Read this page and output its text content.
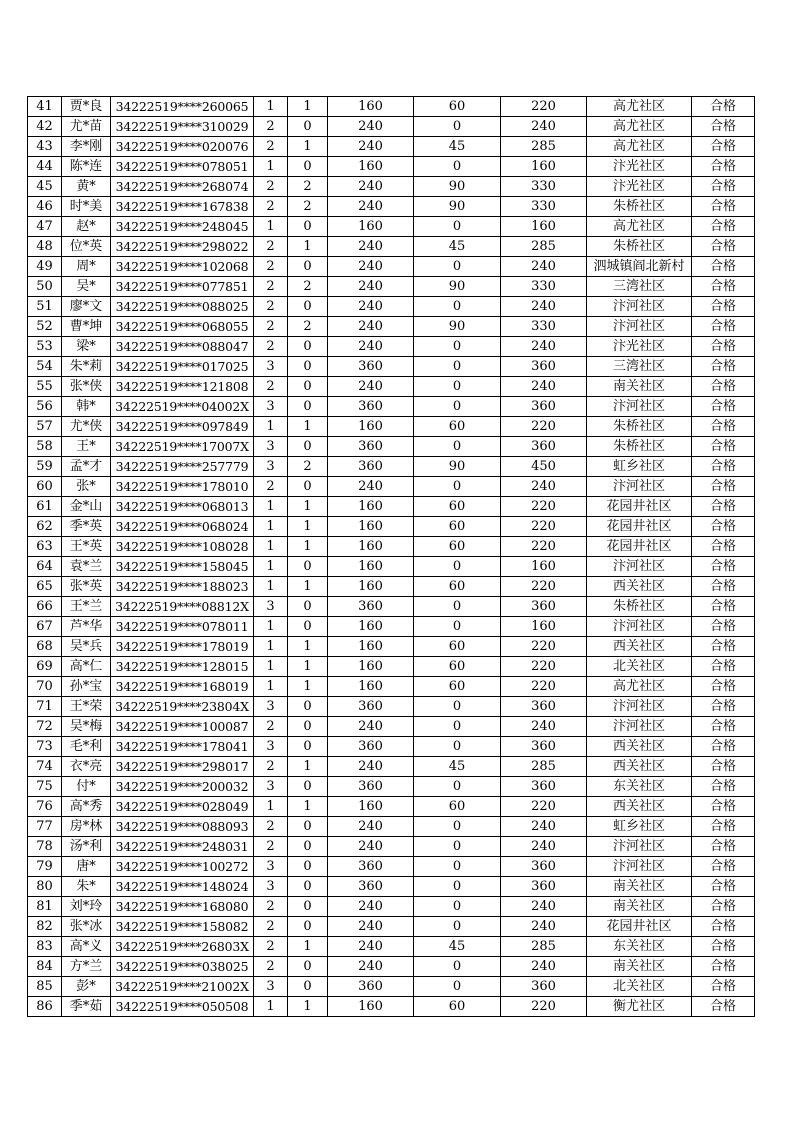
41	贾*良	34222519****260065	1	1	160	60	220	高尤社区	合格
42	尤*苗	34222519****310029	2	0	240	0	240	高尤社区	合格
43	李*刚	34222519****020076	2	1	240	45	285	高尤社区	合格
44	陈*连	34222519****078051	1	0	160	0	160	汴光社区	合格
45	黄*	34222519****268074	2	2	240	90	330	汴光社区	合格
46	时*美	34222519****167838	2	2	240	90	330	朱桥社区	合格
47	赵*	34222519****248045	1	0	160	0	160	高尤社区	合格
48	位*英	34222519****298022	2	1	240	45	285	朱桥社区	合格
49	周*	34222519****102068	2	0	240	0	240	泗城镇阎北新村	合格
50	吴*	34222519****077851	2	2	240	90	330	三湾社区	合格
51	廖*文	34222519****088025	2	0	240	0	240	汴河社区	合格
52	曹*坤	34222519****068055	2	2	240	90	330	汴河社区	合格
53	梁*	34222519****088047	2	0	240	0	240	汴光社区	合格
54	朱*莉	34222519****017025	3	0	360	0	360	三湾社区	合格
55	张*侠	34222519****121808	2	0	240	0	240	南关社区	合格
56	韩*	34222519****04002X	3	0	360	0	360	汴河社区	合格
57	尤*侠	34222519****097849	1	1	160	60	220	朱桥社区	合格
58	王*	34222519****17007X	3	0	360	0	360	朱桥社区	合格
59	孟*才	34222519****257779	3	2	360	90	450	虹乡社区	合格
60	张*	34222519****178010	2	0	240	0	240	汴河社区	合格
61	金*山	34222519****068013	1	1	160	60	220	花园井社区	合格
62	季*英	34222519****068024	1	1	160	60	220	花园井社区	合格
63	王*英	34222519****108028	1	1	160	60	220	花园井社区	合格
64	袁*兰	34222519****158045	1	0	160	0	160	汴河社区	合格
65	张*英	34222519****188023	1	1	160	60	220	西关社区	合格
66	王*兰	34222519****08812X	3	0	360	0	360	朱桥社区	合格
67	芦*华	34222519****078011	1	0	160	0	160	汴河社区	合格
68	吴*兵	34222519****178019	1	1	160	60	220	西关社区	合格
69	高*仁	34222519****128015	1	1	160	60	220	北关社区	合格
70	孙*宝	34222519****168019	1	1	160	60	220	高尤社区	合格
71	王*荣	34222519****23804X	3	0	360	0	360	汴河社区	合格
72	吴*梅	34222519****100087	2	0	240	0	240	汴河社区	合格
73	毛*利	34222519****178041	3	0	360	0	360	西关社区	合格
74	衣*亮	34222519****298017	2	1	240	45	285	西关社区	合格
75	付*	34222519****200032	3	0	360	0	360	东关社区	合格
76	高*秀	34222519****028049	1	1	160	60	220	西关社区	合格
77	房*林	34222519****088093	2	0	240	0	240	虹乡社区	合格
78	汤*利	34222519****248031	2	0	240	0	240	汴河社区	合格
79	唐*	34222519****100272	3	0	360	0	360	汴河社区	合格
80	朱*	34222519****148024	3	0	360	0	360	南关社区	合格
81	刘*玲	34222519****168080	2	0	240	0	240	南关社区	合格
82	张*冰	34222519****158082	2	0	240	0	240	花园井社区	合格
83	高*义	34222519****26803X	2	1	240	45	285	东关社区	合格
84	方*兰	34222519****038025	2	0	240	0	240	南关社区	合格
85	彭*	34222519****21002X	3	0	360	0	360	北关社区	合格
86	季*茹	34222519****050508	1	1	160	60	220	衡尤社区	合格
